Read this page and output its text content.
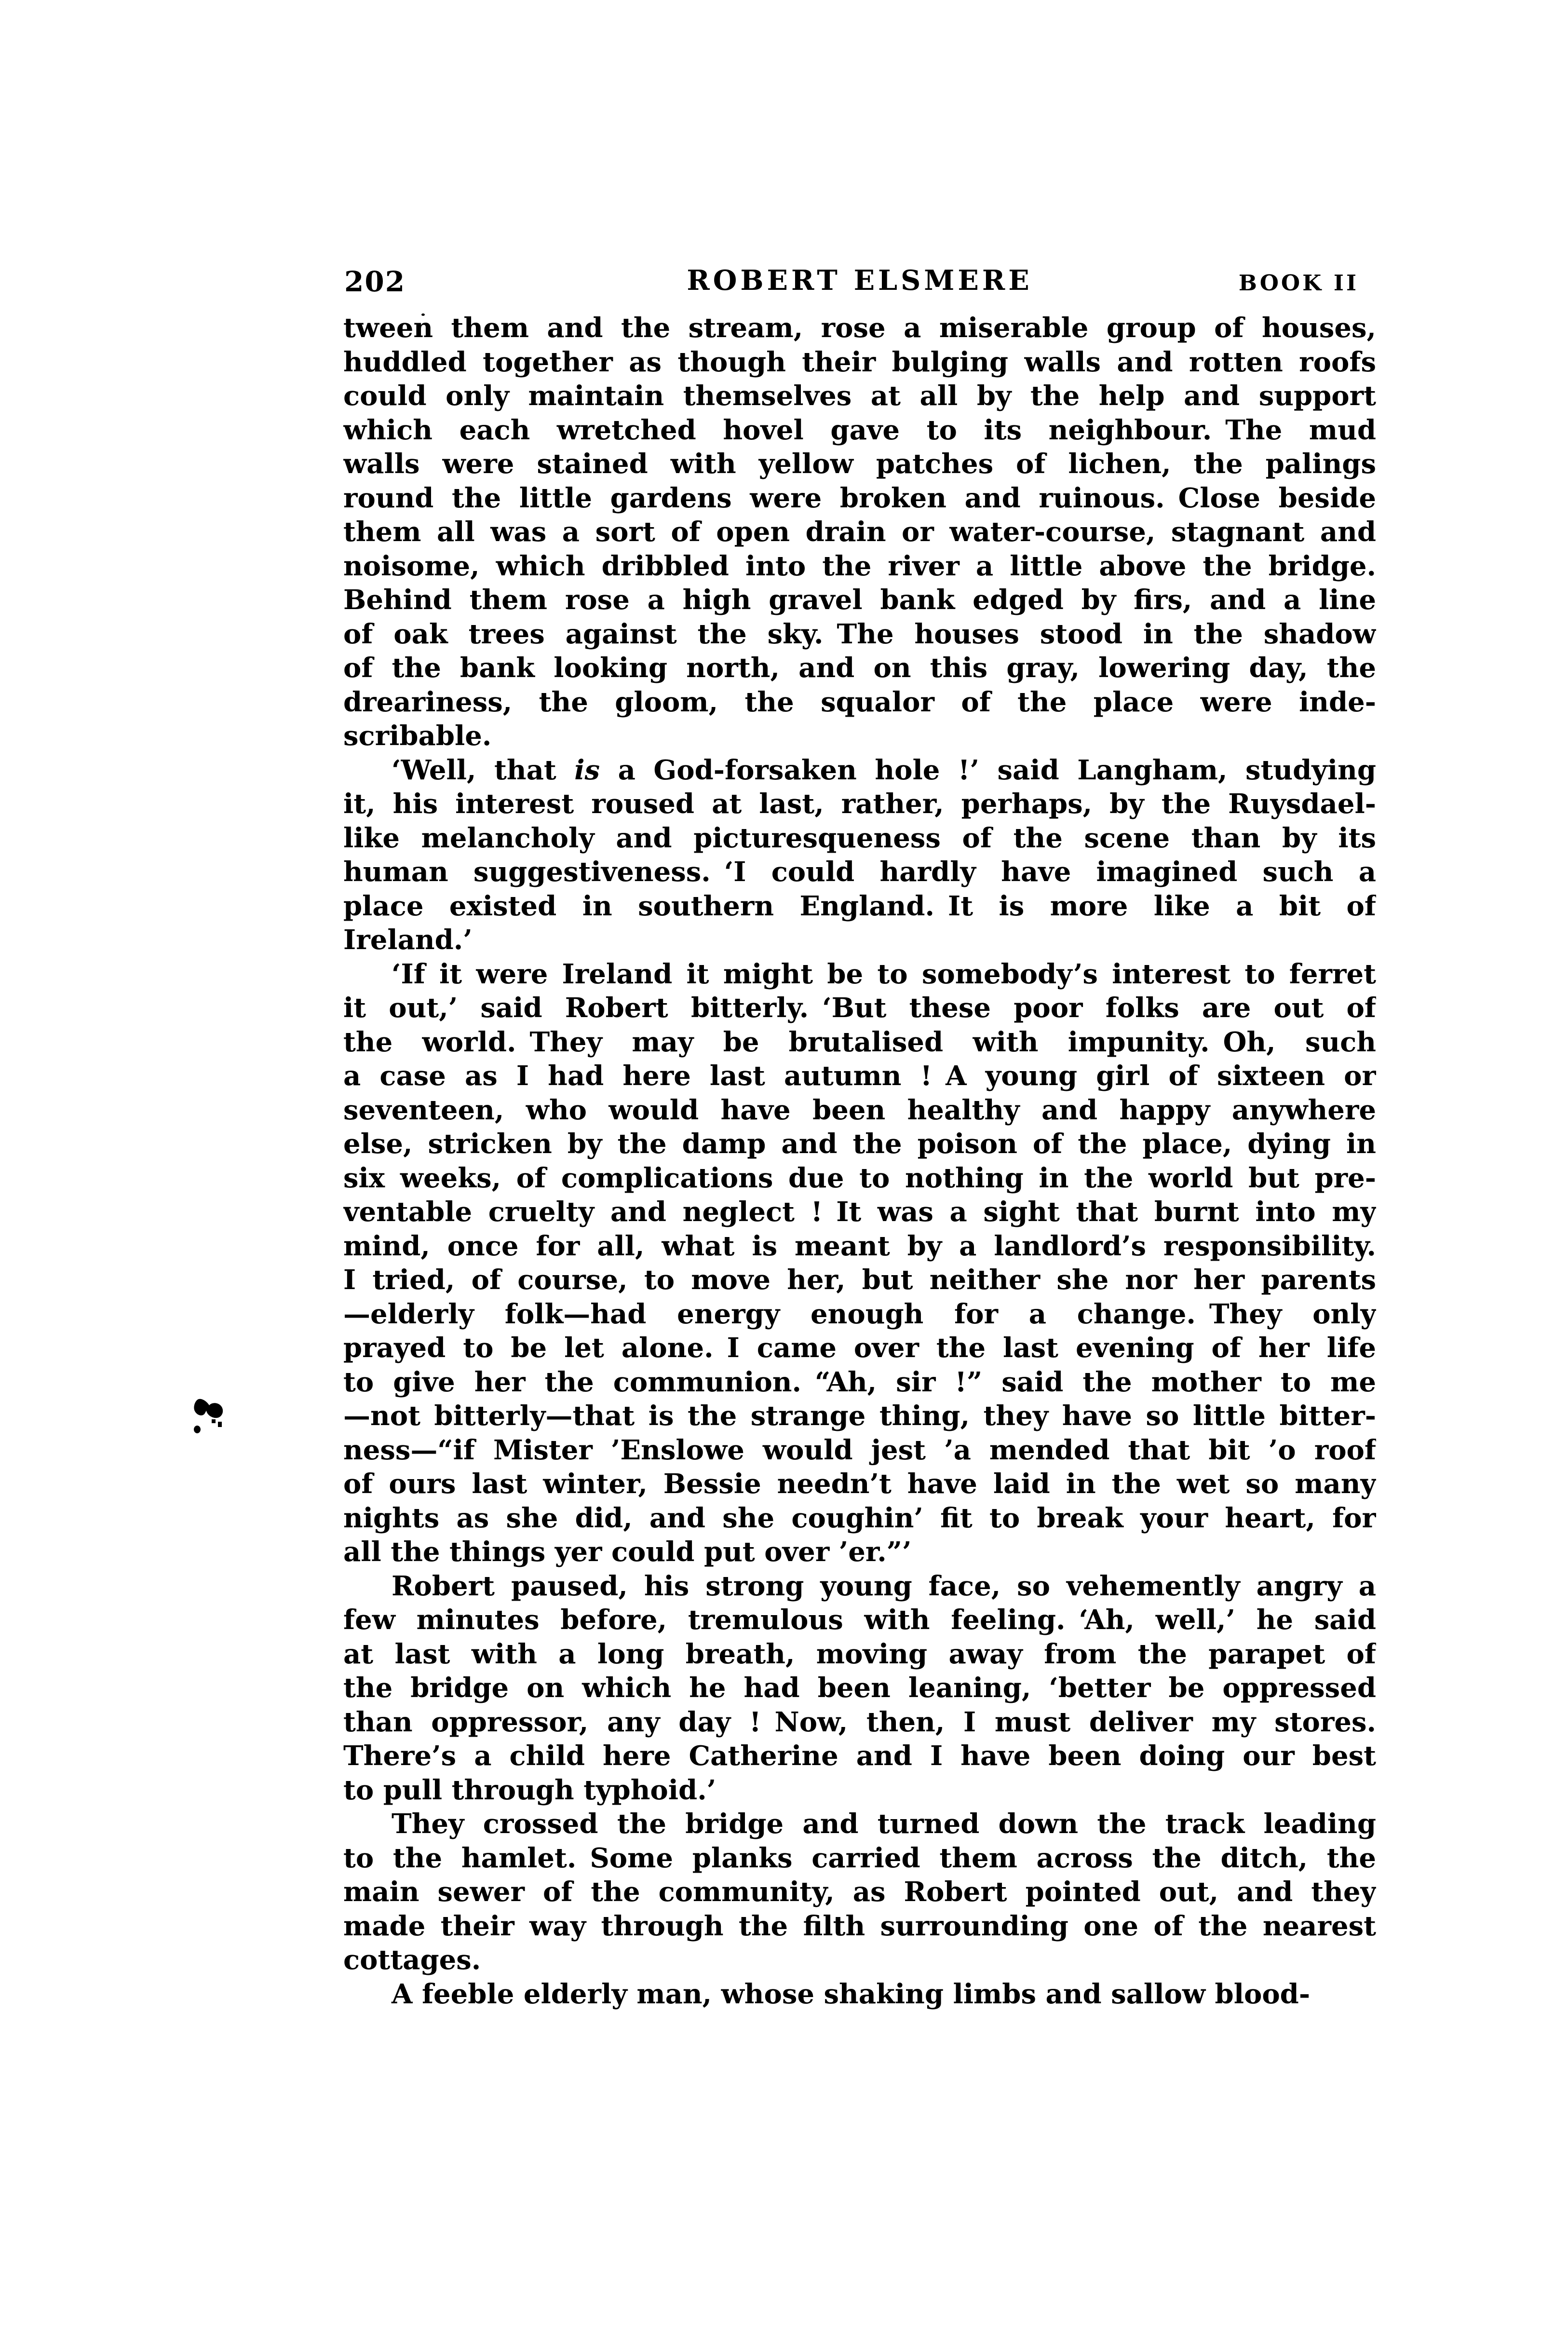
202	ROBERT ELSMERE	BOOK II
tween them and the stream, rose a miserable group of houses,
huddled together as though their bulging walls and rotten roofs
could only maintain themselves at all by the help and support
which each wretched hovel gave to its neighbour. The mud
walls were stained with yellow patches of lichen, the palings
round the little gardens were broken and ruinous. Close beside
them all was a sort of open drain or water-course, stagnant and
noisome, which dribbled into the river a little above the bridge.
Behind them rose a high gravel bank edged by firs, and a line
of oak trees against the sky. The houses stood in the shadow
of the bank looking north, and on this gray, lowering day, the
dreariness, the gloom, the squalor of the place were inde-
scribable.
‘Well, that is a God-forsaken hole !’ said Langham, studying
it, his interest roused at last, rather, perhaps, by the Ruysdael-
like melancholy and picturesqueness of the scene than by its
human suggestiveness. ‘I could hardly have imagined such a
place existed in southern England. It is more like a bit of
Ireland.’
‘If it were Ireland it might be to somebody’s interest to ferret
it out,’ said Robert bitterly. ‘But these poor folks are out of
the world. They may be brutalised with impunity. Oh, such
a case as I had here last autumn ! A young girl of sixteen or
seventeen, who would have been healthy and happy anywhere
else, stricken by the damp and the poison of the place, dying in
six weeks, of complications due to nothing in the world but pre-
ventable cruelty and neglect ! It was a sight that burnt into my
mind, once for all, what is meant by a landlord’s responsibility.
I tried, of course, to move her, but neither she nor her parents
—elderly folk—had energy enough for a change. They only
prayed to be let alone. I came over the last evening of her life
to give her the communion. “Ah, sir !” said the mother to me
—not bitterly—that is the strange thing, they have so little bitter-
ness—“if Mister ’Enslowe would jest ’a mended that bit ’o roof
of ours last winter, Bessie needn’t have laid in the wet so many
nights as she did, and she coughin’ fit to break your heart, for
all the things yer could put over ’er.”’
Robert paused, his strong young face, so vehemently angry a
few minutes before, tremulous with feeling. ‘Ah, well,’ he said
at last with a long breath, moving away from the parapet of
the bridge on which he had been leaning, ‘better be oppressed
than oppressor, any day ! Now, then, I must deliver my stores.
There’s a child here Catherine and I have been doing our best
to pull through typhoid.’
They crossed the bridge and turned down the track leading
to the hamlet. Some planks carried them across the ditch, the
main sewer of the community, as Robert pointed out, and they
made their way through the filth surrounding one of the nearest
cottages.
A feeble elderly man, whose shaking limbs and sallow blood-
